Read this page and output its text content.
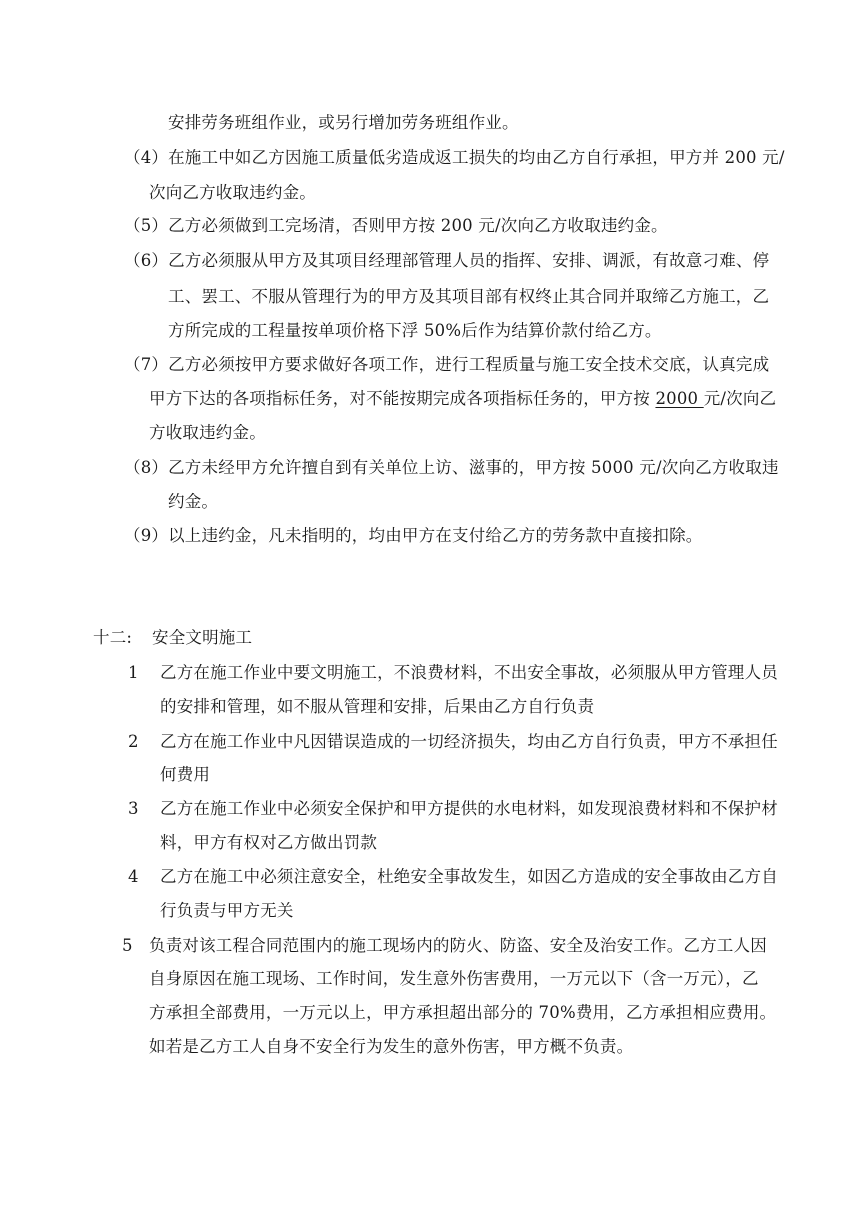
安排劳务班组作业，或另行增加劳务班组作业。
（4）在施工中如乙方因施工质量低劣造成返工损失的均由乙方自行承担，甲方并 200 元/
次向乙方收取违约金。
（5）乙方必须做到工完场清，否则甲方按 200 元/次向乙方收取违约金。
（6）乙方必须服从甲方及其项目经理部管理人员的指挥、安排、调派，有故意刁难、停
工、罢工、不服从管理行为的甲方及其项目部有权终止其合同并取缔乙方施工，乙
方所完成的工程量按单项价格下浮 50%后作为结算价款付给乙方。
（7）乙方必须按甲方要求做好各项工作，进行工程质量与施工安全技术交底，认真完成
甲方下达的各项指标任务，对不能按期完成各项指标任务的，甲方按 2000 元/次向乙
方收取违约金。
（8）乙方未经甲方允许擅自到有关单位上访、滋事的，甲方按 5000 元/次向乙方收取违
约金。
（9）以上违约金，凡未指明的，均由甲方在支付给乙方的劳务款中直接扣除。
十二: 安全文明施工
1 乙方在施工作业中要文明施工，不浪费材料，不出安全事故，必须服从甲方管理人员
的安排和管理，如不服从管理和安排，后果由乙方自行负责
2 乙方在施工作业中凡因错误造成的一切经济损失，均由乙方自行负责，甲方不承担任
何费用
3 乙方在施工作业中必须安全保护和甲方提供的水电材料，如发现浪费材料和不保护材
料，甲方有权对乙方做出罚款
4 乙方在施工中必须注意安全，杜绝安全事故发生，如因乙方造成的安全事故由乙方自
行负责与甲方无关
5 负责对该工程合同范围内的施工现场内的防火、防盗、安全及治安工作。乙方工人因
自身原因在施工现场、工作时间，发生意外伤害费用，一万元以下（含一万元），乙
方承担全部费用，一万元以上，甲方承担超出部分的 70%费用，乙方承担相应费用。
如若是乙方工人自身不安全行为发生的意外伤害，甲方概不负责。
